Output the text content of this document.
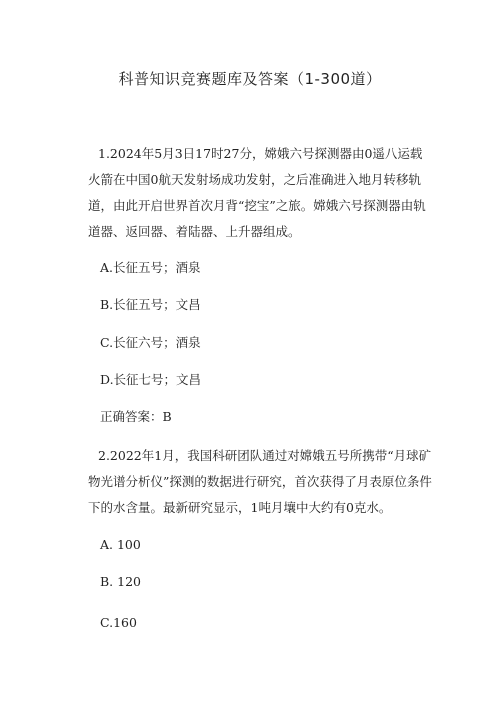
科普知识竞赛题库及答案（1-300道）
1.2024年5月3日17时27分，嫦娥六号探测器由0遥八运载火箭在中国0航天发射场成功发射，之后准确进入地月转移轨道，由此开启世界首次月背“挖宝”之旅。嫦娥六号探测器由轨道器、返回器、着陆器、上升器组成。
A.长征五号；酒泉
B.长征五号；文昌
C.长征六号；酒泉
D.长征七号；文昌
正确答案：B
2.2022年1月，我国科研团队通过对嫦娥五号所携带“月球矿物光谱分析仪”探测的数据进行研究，首次获得了月表原位条件下的水含量。最新研究显示，1吨月壤中大约有0克水。
A. 100
B. 120
C.160
